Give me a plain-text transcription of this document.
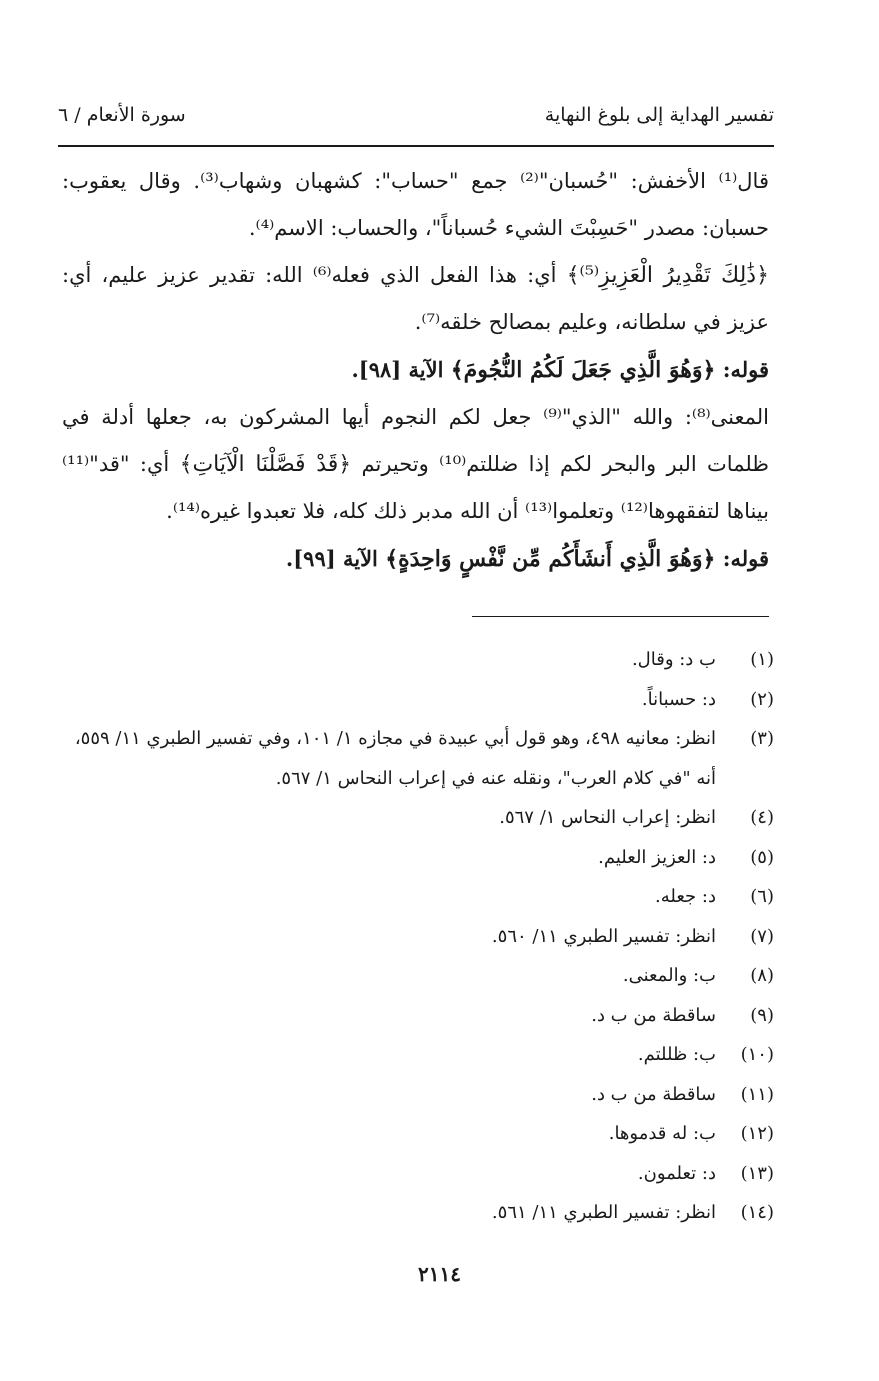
تفسير الهداية إلى بلوغ النهاية
سورة الأنعام / ٦

قال⁽¹⁾ الأخفش: "حُسبان"⁽²⁾ جمع "حساب": كشهبان وشهاب⁽³⁾. وقال يعقوب: حسبان: مصدر "حَسِبْتَ الشيء حُسباناً"، والحساب: الاسم⁽⁴⁾.

﴿ذَٰلِكَ تَقْدِيرُ الْعَزِيزِ⁽⁵⁾﴾ أي: هذا الفعل الذي فعله⁽⁶⁾ الله: تقدير عزيز عليم، أي: عزيز في سلطانه، وعليم بمصالح خلقه⁽⁷⁾.

قوله: ﴿وَهُوَ الَّذِي جَعَلَ لَكُمُ النُّجُومَ﴾ الآية [٩٨].

المعنى⁽⁸⁾: والله "الذي"⁽⁹⁾ جعل لكم النجوم أيها المشركون به، جعلها أدلة في ظلمات البر والبحر لكم إذا ضللتم⁽¹⁰⁾ وتحيرتم ﴿قَدْ فَصَّلْنَا الْآيَاتِ﴾ أي: "قد"⁽¹¹⁾ بيناها لتفقهوها⁽¹²⁾ وتعلموا⁽¹³⁾ أن الله مدبر ذلك كله، فلا تعبدوا غيره⁽¹⁴⁾.

قوله: ﴿وَهُوَ الَّذِي أَنشَأَكُم مِّن نَّفْسٍ وَاحِدَةٍ﴾ الآية [٩٩].

(١)
ب د: وقال.

(٢)
د: حسباناً.

(٣)
انظر: معانيه ٤٩٨، وهو قول أبي عبيدة في مجازه ١/ ١٠١، وفي تفسير الطبري ١١/ ٥٥٩، أنه "في كلام العرب"، ونقله عنه في إعراب النحاس ١/ ٥٦٧.

(٤)
انظر: إعراب النحاس ١/ ٥٦٧.

(٥)
د: العزيز العليم.

(٦)
د: جعله.

(٧)
انظر: تفسير الطبري ١١/ ٥٦٠.

(٨)
ب: والمعنى.

(٩)
ساقطة من ب د.

(١٠)
ب: ظللتم.

(١١)
ساقطة من ب د.

(١٢)
ب: له قدموها.

(١٣)
د: تعلمون.

(١٤)
انظر: تفسير الطبري ١١/ ٥٦١.

٢١١٤
